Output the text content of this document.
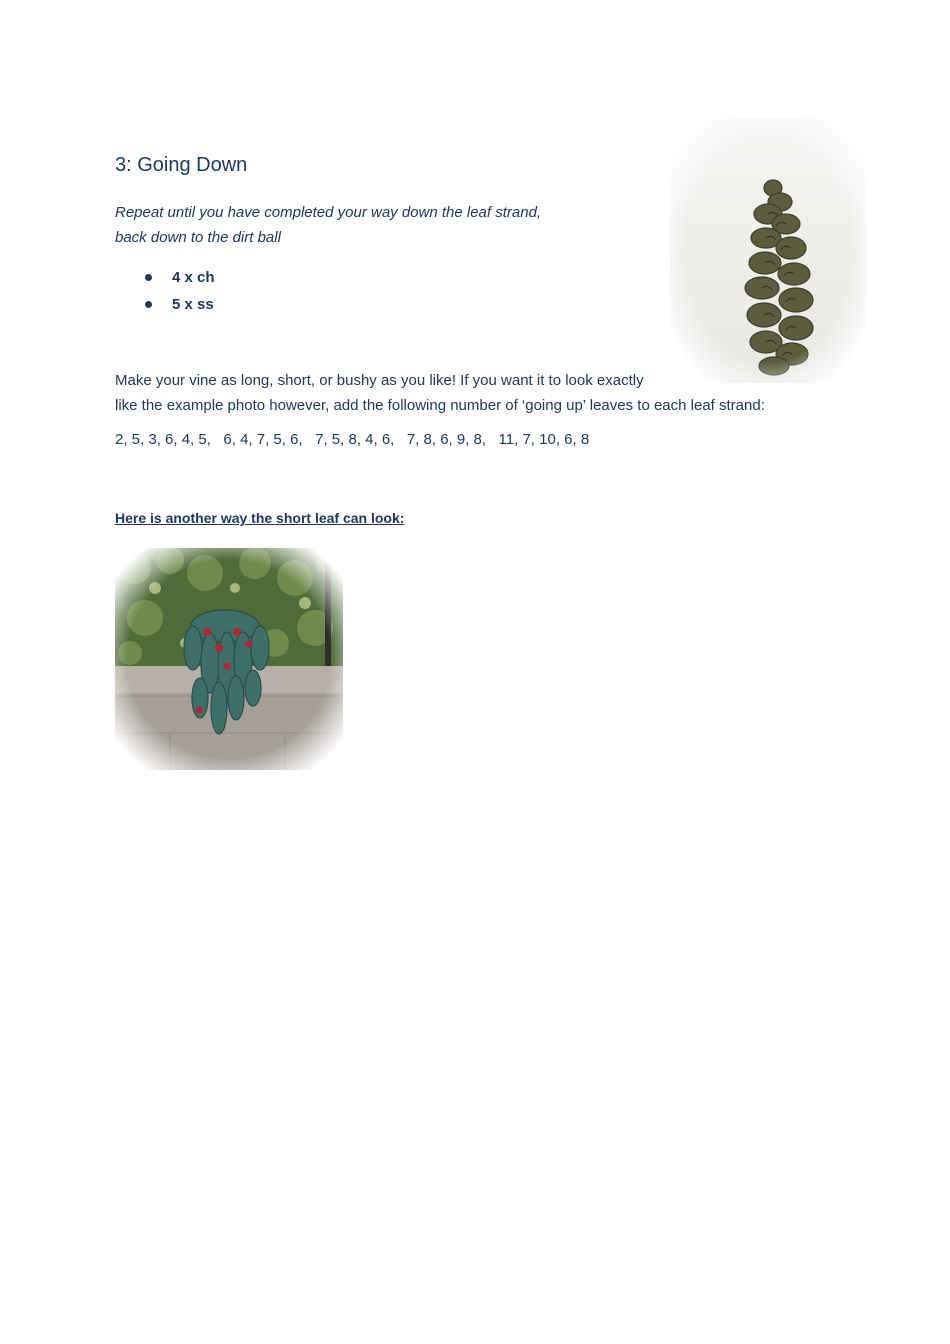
3: Going Down
Repeat until you have completed your way down the leaf strand,
back down to the dirt ball
4 x ch
5 x ss
Make your vine as long, short, or bushy as you like! If you want it to look exactly
like the example photo however, add the following number of ‘going up’ leaves to each leaf strand:
2, 5, 3, 6, 4, 5,   6, 4, 7, 5, 6,   7, 5, 8, 4, 6,   7, 8, 6, 9, 8,   11, 7, 10, 6, 8
Here is another way the short leaf can look:
